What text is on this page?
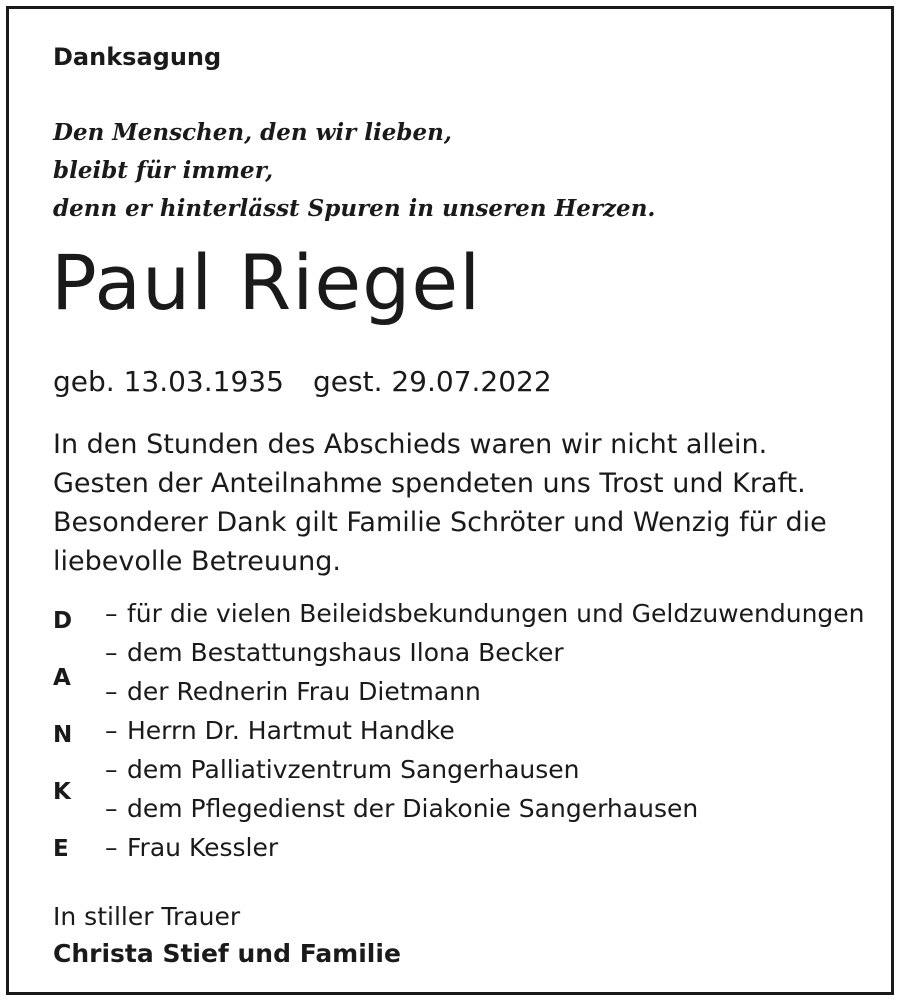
Danksagung
Den Menschen, den wir lieben,
bleibt für immer,
denn er hinterlässt Spuren in unseren Herzen.
Paul Riegel
geb. 13.03.1935 gest. 29.07.2022
In den Stunden des Abschieds waren wir nicht allein.
Gesten der Anteilnahme spendeten uns Trost und Kraft.
Besonderer Dank gilt Familie Schröter und Wenzig für die
liebevolle Betreuung.
D
A
N
K
E
– für die vielen Beileidsbekundungen und Geldzuwendungen
– dem Bestattungshaus Ilona Becker
– der Rednerin Frau Dietmann
– Herrn Dr. Hartmut Handke
– dem Palliativzentrum Sangerhausen
– dem Pflegedienst der Diakonie Sangerhausen
– Frau Kessler
In stiller Trauer
Christa Stief und Familie
